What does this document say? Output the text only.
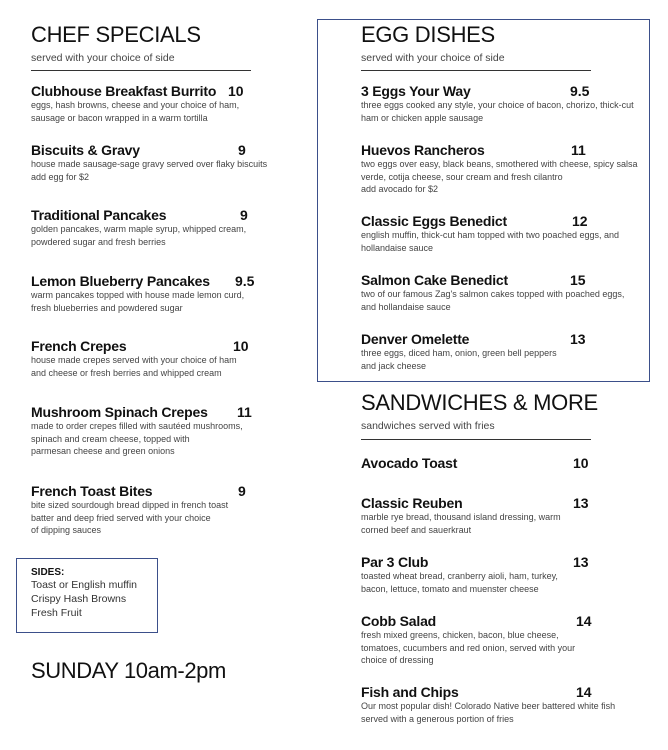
CHEF SPECIALS
served with your choice of side
Clubhouse Breakfast Burrito
eggs, hash browns, cheese and your choice of ham,
sausage or bacon wrapped in a warm tortilla
10
Biscuits & Gravy
house made sausage-sage gravy served over flaky biscuits
add egg for $2
9
Traditional Pancakes
golden pancakes, warm maple syrup, whipped cream,
powdered sugar and fresh berries
9
Lemon Blueberry Pancakes
warm pancakes topped with house made lemon curd,
fresh blueberries and powdered sugar
9.5
French Crepes
house made crepes served with your choice of ham
and cheese or fresh berries and whipped cream
10
Mushroom Spinach Crepes
made to order crepes filled with sautéed mushrooms,
spinach and cream cheese, topped with
parmesan cheese and green onions
11
French Toast Bites
bite sized sourdough bread dipped in french toast
batter and deep fried served with your choice
of dipping sauces
9
SIDES:
Toast or English muffin
Crispy Hash Browns
Fresh Fruit
SUNDAY 10am-2pm
EGG DISHES
served with your choice of side
3 Eggs Your Way
three eggs cooked any style, your choice of bacon, chorizo, thick-cut
ham or chicken apple sausage
9.5
Huevos Rancheros
two eggs over easy, black beans, smothered with cheese, spicy salsa
verde, cotija cheese, sour cream and fresh cilantro
add avocado for $2
11
Classic Eggs Benedict
english muffin, thick-cut ham topped with two poached eggs, and
hollandaise sauce
12
Salmon Cake Benedict
two of our famous Zag's salmon cakes topped with poached eggs,
and hollandaise sauce
15
Denver Omelette
three eggs, diced ham, onion, green bell peppers
and jack cheese
13
SANDWICHES & MORE
sandwiches served with fries
Avocado Toast	10
Classic Reuben
marble rye bread, thousand island dressing, warm
corned beef and sauerkraut
13
Par 3 Club
toasted wheat bread, cranberry aioli, ham, turkey,
bacon, lettuce, tomato and muenster cheese
13
Cobb Salad
fresh mixed greens, chicken, bacon, blue cheese,
tomatoes, cucumbers and red onion, served with your
choice of dressing
14
Fish and Chips
Our most popular dish! Colorado Native beer battered white fish
served with a generous portion of fries
14
